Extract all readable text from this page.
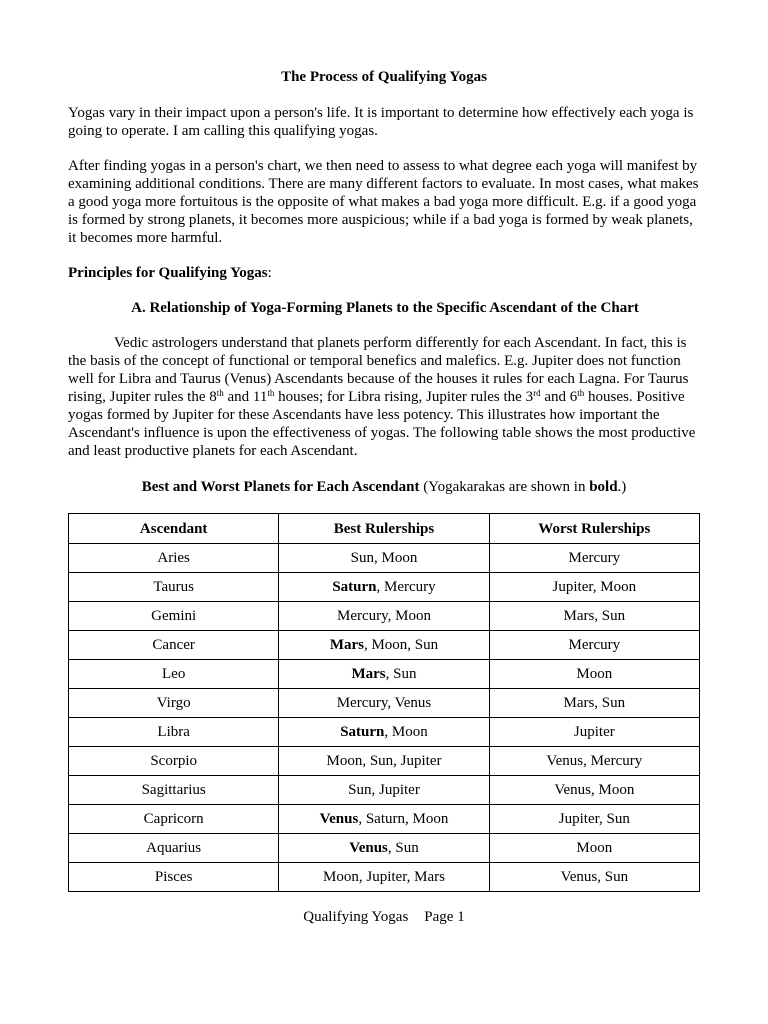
The Process of Qualifying Yogas

Yogas vary in their impact upon a person's life. It is important to determine how effectively each yoga is going to operate. I am calling this qualifying yogas.

After finding yogas in a person's chart, we then need to assess to what degree each yoga will manifest by examining additional conditions. There are many different factors to evaluate. In most cases, what makes a good yoga more fortuitous is the opposite of what makes a bad yoga more difficult. E.g. if a good yoga is formed by strong planets, it becomes more auspicious; while if a bad yoga is formed by weak planets, it becomes more harmful.

Principles for Qualifying Yogas:

A. Relationship of Yoga-Forming Planets to the Specific Ascendant of the Chart

Vedic astrologers understand that planets perform differently for each Ascendant. In fact, this is the basis of the concept of functional or temporal benefics and malefics. E.g. Jupiter does not function well for Libra and Taurus (Venus) Ascendants because of the houses it rules for each Lagna. For Taurus rising, Jupiter rules the 8th and 11th houses; for Libra rising, Jupiter rules the 3rd and 6th houses. Positive yogas formed by Jupiter for these Ascendants have less potency. This illustrates how important the Ascendant's influence is upon the effectiveness of yogas. The following table shows the most productive and least productive planets for each Ascendant.

Best and Worst Planets for Each Ascendant (Yogakarakas are shown in bold.)

Ascendant	Best Rulerships	Worst Rulerships
Aries	Sun, Moon	Mercury
Taurus	Saturn, Mercury	Jupiter, Moon
Gemini	Mercury, Moon	Mars, Sun
Cancer	Mars, Moon, Sun	Mercury
Leo	Mars, Sun	Moon
Virgo	Mercury, Venus	Mars, Sun
Libra	Saturn, Moon	Jupiter
Scorpio	Moon, Sun, Jupiter	Venus, Mercury
Sagittarius	Sun, Jupiter	Venus, Moon
Capricorn	Venus, Saturn, Moon	Jupiter, Sun
Aquarius	Venus, Sun	Moon
Pisces	Moon, Jupiter, Mars	Venus, Sun
Qualifying Yogas Page 1
